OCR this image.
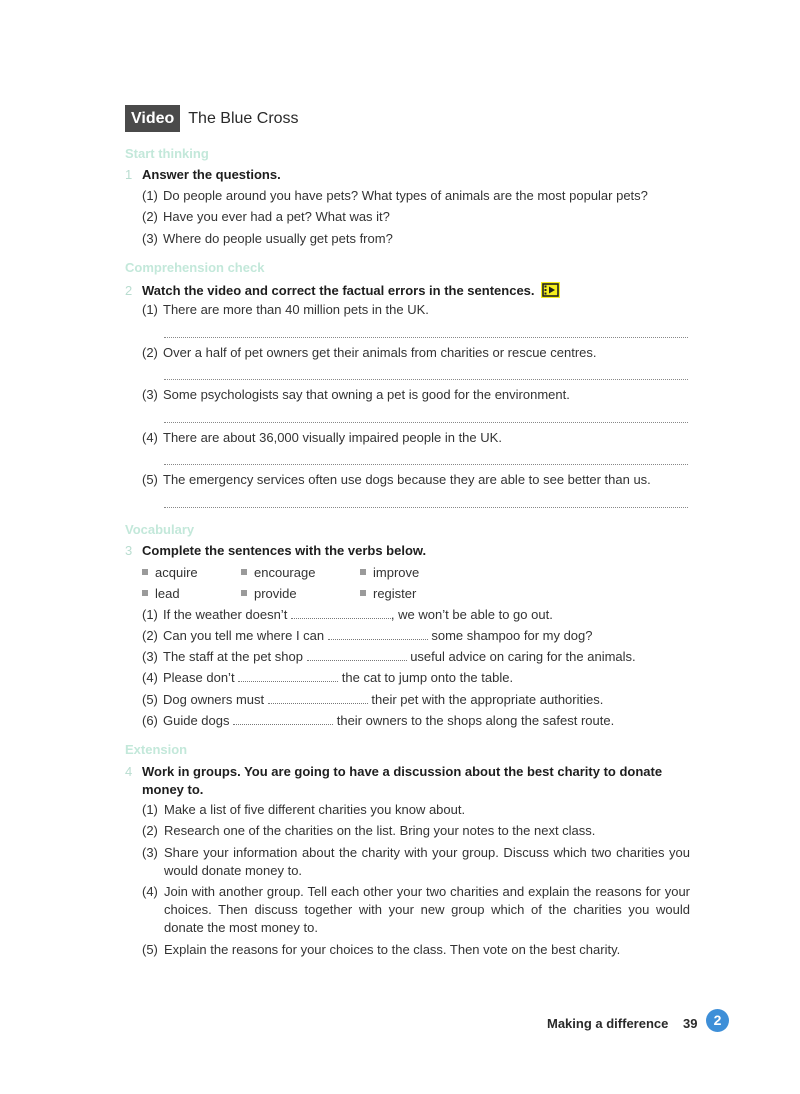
Video The Blue Cross
Start thinking
1 Answer the questions.
(1) Do people around you have pets? What types of animals are the most popular pets?
(2) Have you ever had a pet? What was it?
(3) Where do people usually get pets from?
Comprehension check
2 Watch the video and correct the factual errors in the sentences.
(1) There are more than 40 million pets in the UK.
(2) Over a half of pet owners get their animals from charities or rescue centres.
(3) Some psychologists say that owning a pet is good for the environment.
(4) There are about 36,000 visually impaired people in the UK.
(5) The emergency services often use dogs because they are able to see better than us.
Vocabulary
3 Complete the sentences with the verbs below.
acquire	encourage	improve
lead	provide	register
(1) If the weather doesn’t	, we won’t be able to go out.
(2) Can you tell me where I can	some shampoo for my dog?
(3) The staff at the pet shop	useful advice on caring for the animals.
(4) Please don’t	the cat to jump onto the table.
(5) Dog owners must	their pet with the appropriate authorities.
(6) Guide dogs	their owners to the shops along the safest route.
Extension
4 Work in groups. You are going to have a discussion about the best charity to donate
money to.
(1) Make a list of five different charities you know about.
(2) Research one of the charities on the list. Bring your notes to the next class.
(3) Share your information about the charity with your group. Discuss which two charities you would donate money to.
(4) Join with another group. Tell each other your two charities and explain the reasons for your choices. Then discuss together with your new group which of the charities you would donate the most money to.
(5) Explain the reasons for your choices to the class. Then vote on the best charity.
Making a difference 39	2
